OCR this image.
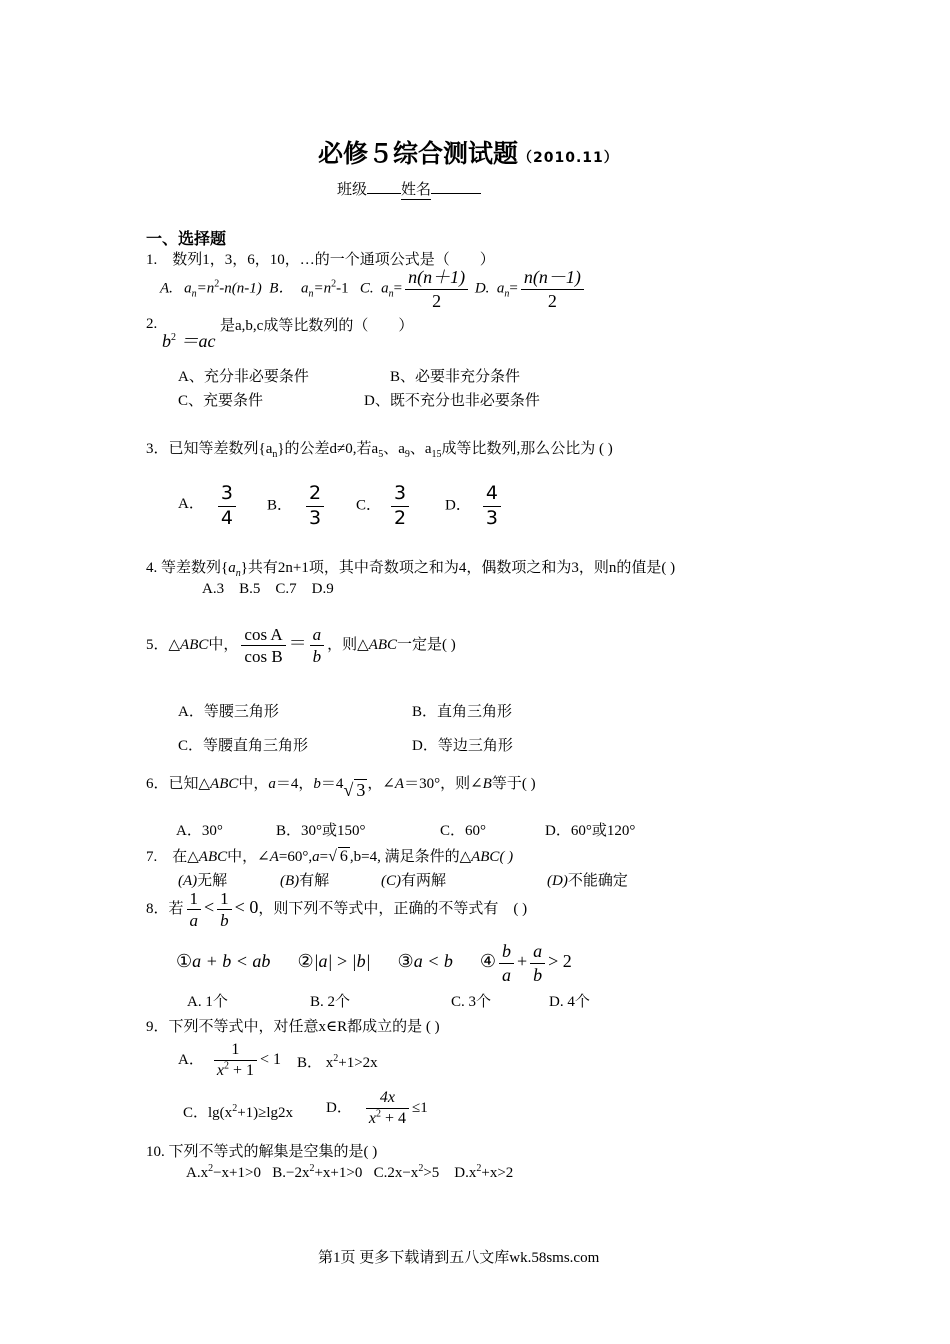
必修５综合测试题（2010.11）
班级 姓名
一、选择题
1.　数列1，3，6，10，…的一个通项公式是（　　）
A. $a_n=n^2-n(n-1)$ B． $a_n=n^2-1$ C. $a_n= \frac{n(n+1)}{2} D$. $a_n= \frac{n(n-1)}{2}$
2.
$b^2 =ac$
是a,b,c成等比数列的（　　）
A、充分非必要条件	B、必要非充分条件
C、充要条件	D、既不充分也非必要条件
3．已知等差数列$\{a_n\}$的公差d≠0,若$a_5$、$a_9$、$a_{15}$成等比数列,那么公比为 ( )
A． $\frac{3}{4}$ B． $\frac{2}{3}$ C． $\frac{3}{2}$ D． $\frac{4}{3}$
4. 等差数列$\{a_n\}$共有2n+1项，其中奇数项之和为4，偶数项之和为3，则n的值是( )
A.3 B.5 C.7 D.9
5．△ABC中， $\frac{\text{cos A}}{\text{cos B}} = \frac{a}{b}$ ，则△ABC一定是( )
A．等腰三角形	B．直角三角形
C．等腰直角三角形	D．等边三角形
6．已知△ABC中，a＝4，b＝4√ 3 ，∠A＝30°，则∠B等于( )
A．30°	B．30°或150°	C．60°	D．60°或120°
7.　在△ABC中，∠A=60°,a=√ 6 ,b=4, 满足条件的△ABC( )
(A)无解	(B)有解	(C)有两解	(D)不能确定
8．若 $\frac{1}{a} < \frac{1}{b} < 0$，则下列不等式中，正确的不等式有　( )
①a + b < ab ②|a| > |b| ③a < b ④ $\frac{b}{a} + \frac{a}{b} > 2$
A. 1个	B. 2个	C. 3个	D. 4个
9．下列不等式中，对任意x∈R都成立的是 ( )
A． $\frac{1}{x^2 + 1} < 1$ B． $x^2+1>2x$
C．$\lg(x^2+1)\ge\lg 2x$ D． $\frac{4x}{x^2 + 4} \le 1$
10. 下列不等式的解集是空集的是( )
$A.x^2-x+1>0$ $B.-2x^2+x+1>0$ $C.2x-x^2>5$ $D.x^2+x>2$
第1页 更多下载请到五八文库wk.58sms.com
